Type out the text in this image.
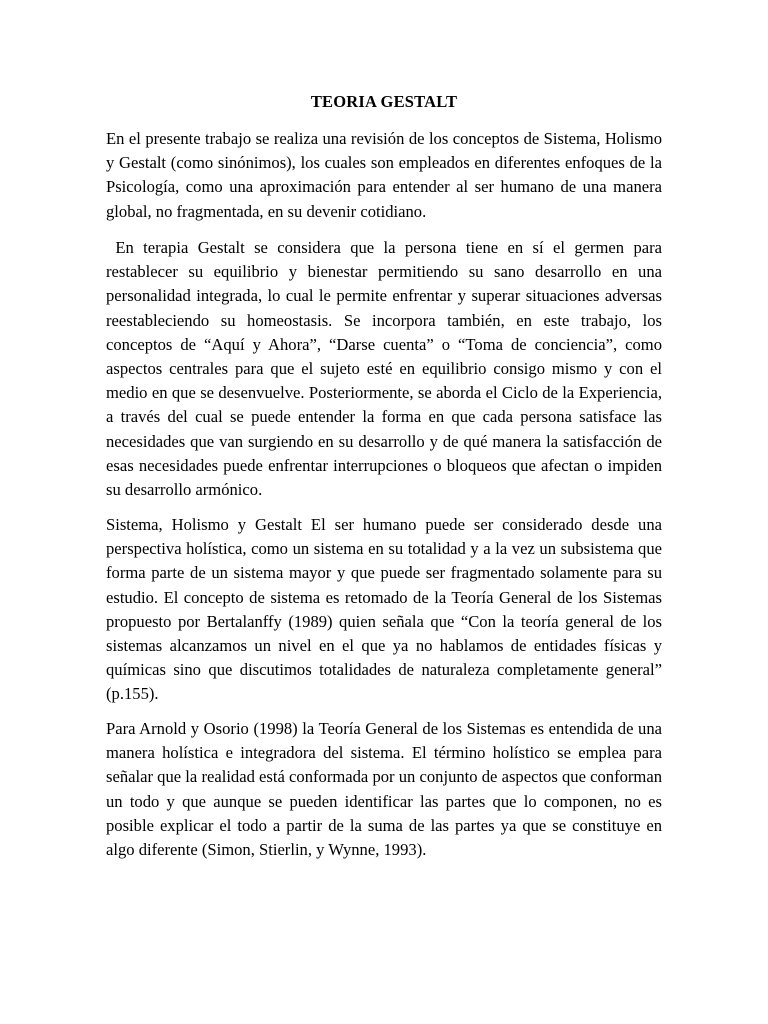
TEORIA GESTALT

En el presente trabajo se realiza una revisión de los conceptos de Sistema, Holismo y Gestalt (como sinónimos), los cuales son empleados en diferentes enfoques de la Psicología, como una aproximación para entender al ser humano de una manera global, no fragmentada, en su devenir cotidiano.

En terapia Gestalt se considera que la persona tiene en sí el germen para restablecer su equilibrio y bienestar permitiendo su sano desarrollo en una personalidad integrada, lo cual le permite enfrentar y superar situaciones adversas reestableciendo su homeostasis. Se incorpora también, en este trabajo, los conceptos de “Aquí y Ahora”, “Darse cuenta” o “Toma de conciencia”, como aspectos centrales para que el sujeto esté en equilibrio consigo mismo y con el medio en que se desenvuelve. Posteriormente, se aborda el Ciclo de la Experiencia, a través del cual se puede entender la forma en que cada persona satisface las necesidades que van surgiendo en su desarrollo y de qué manera la satisfacción de esas necesidades puede enfrentar interrupciones o bloqueos que afectan o impiden su desarrollo armónico.

Sistema, Holismo y Gestalt El ser humano puede ser considerado desde una perspectiva holística, como un sistema en su totalidad y a la vez un subsistema que forma parte de un sistema mayor y que puede ser fragmentado solamente para su estudio. El concepto de sistema es retomado de la Teoría General de los Sistemas propuesto por Bertalanffy (1989) quien señala que “Con la teoría general de los sistemas alcanzamos un nivel en el que ya no hablamos de entidades físicas y químicas sino que discutimos totalidades de naturaleza completamente general” (p.155).

Para Arnold y Osorio (1998) la Teoría General de los Sistemas es entendida de una manera holística e integradora del sistema. El término holístico se emplea para señalar que la realidad está conformada por un conjunto de aspectos que conforman un todo y que aunque se pueden identificar las partes que lo componen, no es posible explicar el todo a partir de la suma de las partes ya que se constituye en algo diferente (Simon, Stierlin, y Wynne, 1993).
